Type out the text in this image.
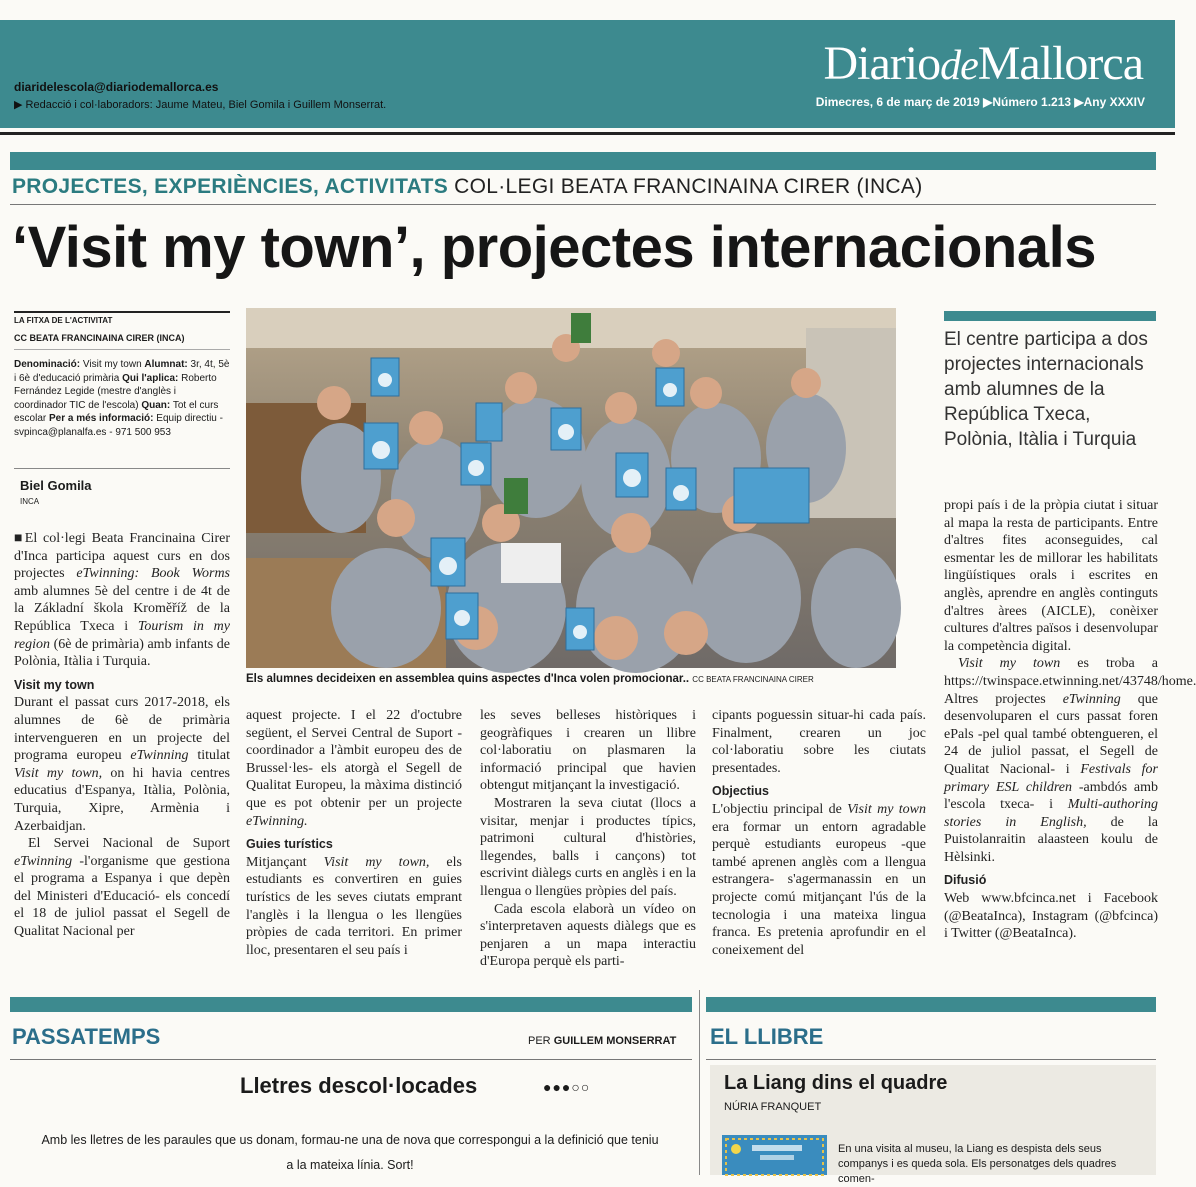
diaridelescola@diariodemallorca.es
▶ Redacció i col·laboradors: Jaume Mateu, Biel Gomila i Guillem Monserrat.
DiariodeMallorca
Dimecres, 6 de març de 2019 ▶Número 1.213 ▶Any XXXIV
PROJECTES, EXPERIÈNCIES, ACTIVITATS COL·LEGI BEATA FRANCINAINA CIRER (INCA)
‘Visit my town’, projectes internacionals
LA FITXA DE L'ACTIVITAT
CC BEATA FRANCINAINA CIRER (INCA)
Denominació: Visit my town Alumnat: 3r, 4t, 5è i 6è d'educació primària Qui l'aplica: Roberto Fernández Legide (mestre d'anglès i coordinador TIC de l'escola) Quan: Tot el curs escolar Per a més informació: Equip directiu - svpinca@planalfa.es - 971 500 953
Biel Gomila
INCA

■El col·legi Beata Francinaina Cirer d'Inca participa aquest curs en dos projectes eTwinning: Book Worms amb alumnes 5è del centre i de 4t de la Základní škola Kroměříž de la República Txeca i Tourism in my region (6è de primària) amb infants de Polònia, Itàlia i Turquia.

Visit my town

Durant el passat curs 2017-2018, els alumnes de 6è de primària intervengueren en un projecte del programa europeu eTwinning titulat Visit my town, on hi havia centres educatius d'Espanya, Itàlia, Polònia, Turquia, Xipre, Armènia i Azerbaidjan.

El Servei Nacional de Suport eTwinning -l'organisme que gestiona el programa a Espanya i que depèn del Ministeri d'Educació- els concedí el 18 de juliol passat el Segell de Qualitat Nacional per

Els alumnes decideixen en assemblea quins aspectes d'Inca volen promocionar.. CC BEATA FRANCINAINA CIRER

aquest projecte. I el 22 d'octubre següent, el Servei Central de Suport -coordinador a l'àmbit europeu des de Brussel·les- els atorgà el Segell de Qualitat Europeu, la màxima distinció que es pot obtenir per un projecte eTwinning.

Guies turístics

Mitjançant Visit my town, els estudiants es convertiren en guies turístics de les seves ciutats emprant l'anglès i la llengua o les llengües pròpies de cada territori. En primer lloc, presentaren el seu país i

les seves belleses històriques i geogràfiques i crearen un llibre col·laboratiu on plasmaren la informació principal que havien obtengut mitjançant la investigació.

Mostraren la seva ciutat (llocs a visitar, menjar i productes típics, patrimoni cultural d'històries, llegendes, balls i cançons) tot escrivint diàlegs curts en anglès i en la llengua o llengües pròpies del país.

Cada escola elaborà un vídeo on s'interpretaven aquests diàlegs que es penjaren a un mapa interactiu d'Europa perquè els parti-

cipants poguessin situar-hi cada país. Finalment, crearen un joc col·laboratiu sobre les ciutats presentades.

Objectius

L'objectiu principal de Visit my town era formar un entorn agradable perquè estudiants europeus -que també aprenen anglès com a llengua estrangera- s'agermanassin en un projecte comú mitjançant l'ús de la tecnologia i una mateixa lingua franca. Es pretenia aprofundir en el coneixement del

El centre participa a dos projectes internacionals amb alumnes de la República Txeca, Polònia, Itàlia i Turquia

propi país i de la pròpia ciutat i situar al mapa la resta de participants. Entre d'altres fites aconseguides, cal esmentar les de millorar les habilitats lingüístiques orals i escrites en anglès, aprendre en anglès continguts d'altres àrees (AICLE), conèixer cultures d'altres països i desenvolupar la competència digital.

Visit my town es troba a https://twinspace.etwinning.net/43748/home. Altres projectes eTwinning que desenvoluparen el curs passat foren ePals -pel qual també obtengueren, el 24 de juliol passat, el Segell de Qualitat Nacional- i Festivals for primary ESL children -ambdós amb l'escola txeca- i Multi-authoring stories in English, de la Puistolanraitin alaasteen koulu de Hèlsinki.

Difusió

Web www.bfcinca.net i Facebook (@BeataInca), Instagram (@bfcinca) i Twitter (@BeataInca).

PASSATEMPS	PER GUILLEM MONSERRAT
Lletres descol·locades	●●●○○
Amb les lletres de les paraules que us donam, formau-ne una de nova que correspongui a la definició que teniu a la mateixa línia. Sort!
EL LLIBRE
La Liang dins el quadre
NÚRIA FRANQUET
En una visita al museu, la Liang es despista dels seus companys i es queda sola. Els personatges dels quadres comen-
